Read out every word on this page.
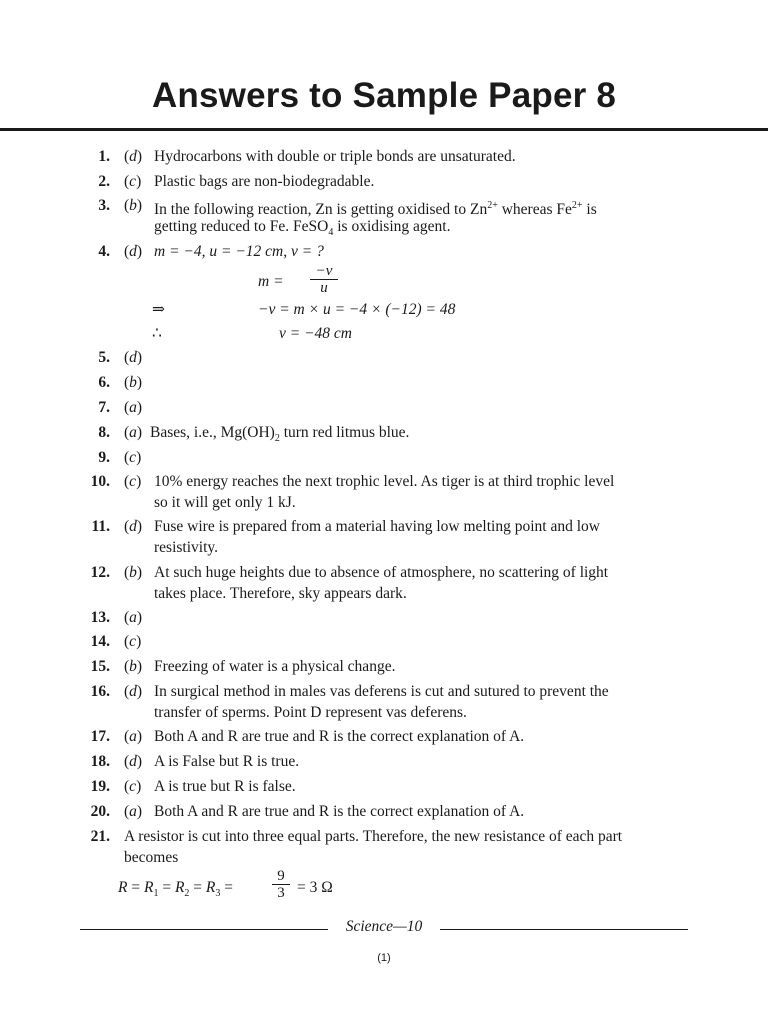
Answers to Sample Paper 8
1. (d) Hydrocarbons with double or triple bonds are unsaturated.
2. (c) Plastic bags are non-biodegradable.
3. (b) In the following reaction, Zn is getting oxidised to $Zn^{2+}$ whereas $Fe^{2+}$ is
getting reduced to Fe. FeSO$_4$ is oxidising agent.
4. (d) m = −4, u = −12 cm, v = ?
5. (d)
6. (b)
7. (a)
8. (a) Bases, i.e., $Mg(OH)_2$ turn red litmus blue.
9. (c)
10. (c) 10% energy reaches the next trophic level. As tiger is at third trophic level
so it will get only 1 kJ.
11. (d) Fuse wire is prepared from a material having low melting point and low
resistivity.
12. (b) At such huge heights due to absence of atmosphere, no scattering of light
takes place. Therefore, sky appears dark.
13. (a)
14. (c)
15. (b) Freezing of water is a physical change.
16. (d) In surgical method in males vas deferens is cut and sutured to prevent the
transfer of sperms. Point D represent vas deferens.
17. (a) Both A and R are true and R is the correct explanation of A.
18. (d) A is False but R is true.
19. (c) A is true but R is false.
20. (a) Both A and R are true and R is the correct explanation of A.
21. A resistor is cut into three equal parts. Therefore, the new resistance of each part
becomes
$m = \frac{-v}{u}$
⇒	−v = m × u = −4 × (−12) = 48
∴	v = −48 cm
$R = R_1 = R_2 = R_3$ =	$\frac{9}{3} = 3$ Ω
Science—10
(1)
